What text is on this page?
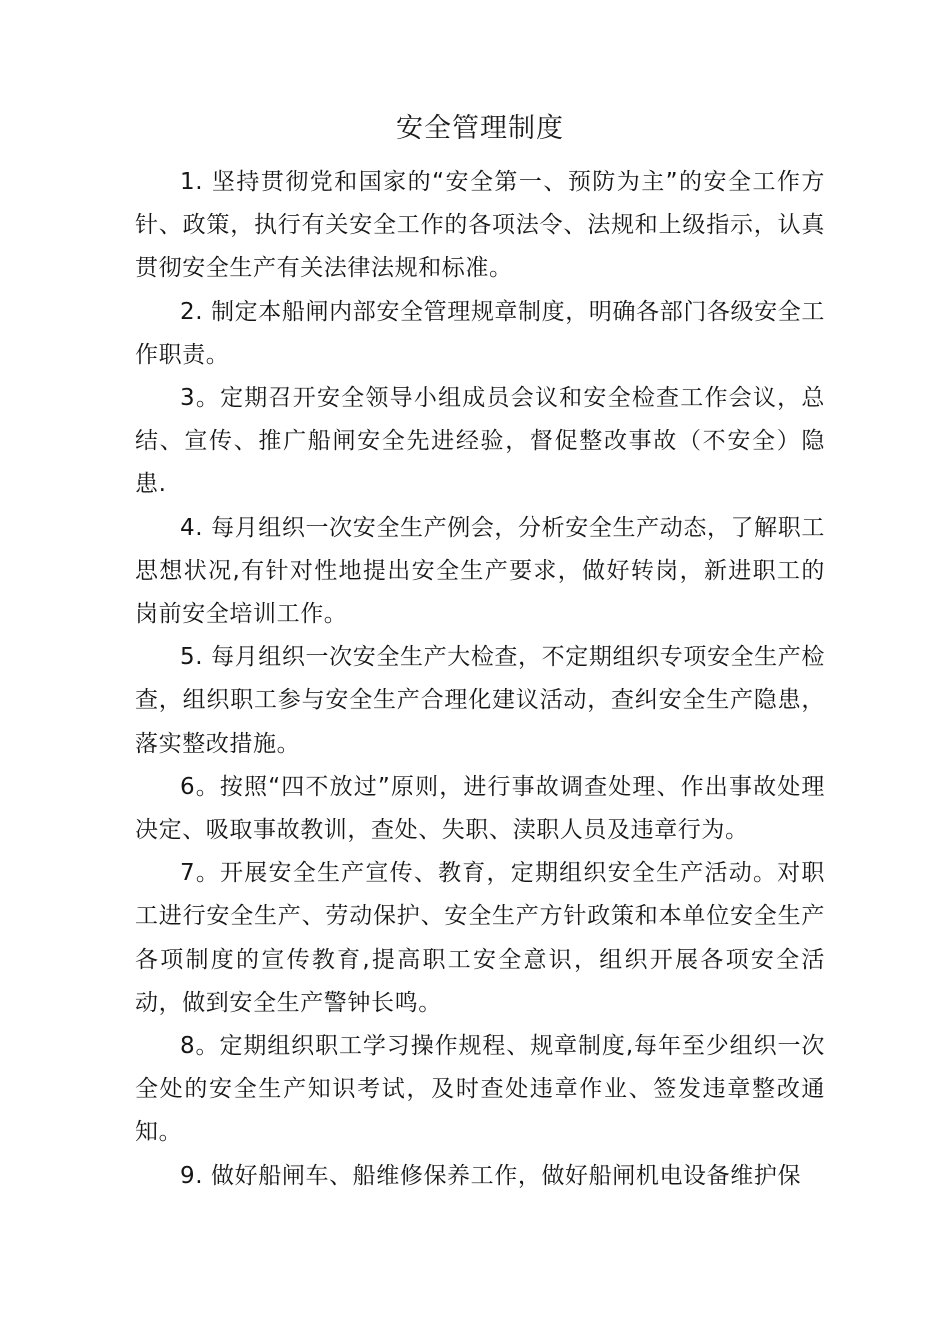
安全管理制度

1. 坚持贯彻党和国家的“安全第一、预防为主”的安全工作方针、政策，执行有关安全工作的各项法令、法规和上级指示，认真贯彻安全生产有关法律法规和标准。

2. 制定本船闸内部安全管理规章制度，明确各部门各级安全工作职责。

3。定期召开安全领导小组成员会议和安全检查工作会议，总结、宣传、推广船闸安全先进经验，督促整改事故（不安全）隐患.

4. 每月组织一次安全生产例会，分析安全生产动态，了解职工思想状况,有针对性地提出安全生产要求，做好转岗，新进职工的岗前安全培训工作。

5. 每月组织一次安全生产大检查，不定期组织专项安全生产检查，组织职工参与安全生产合理化建议活动，查纠安全生产隐患，落实整改措施。

6。按照“四不放过”原则，进行事故调查处理、作出事故处理决定、吸取事故教训，查处、失职、渎职人员及违章行为。

7。开展安全生产宣传、教育，定期组织安全生产活动。对职工进行安全生产、劳动保护、安全生产方针政策和本单位安全生产各项制度的宣传教育,提高职工安全意识，组织开展各项安全活动，做到安全生产警钟长鸣。

8。定期组织职工学习操作规程、规章制度,每年至少组织一次全处的安全生产知识考试，及时查处违章作业、签发违章整改通知。

9. 做好船闸车、船维修保养工作，做好船闸机电设备维护保
